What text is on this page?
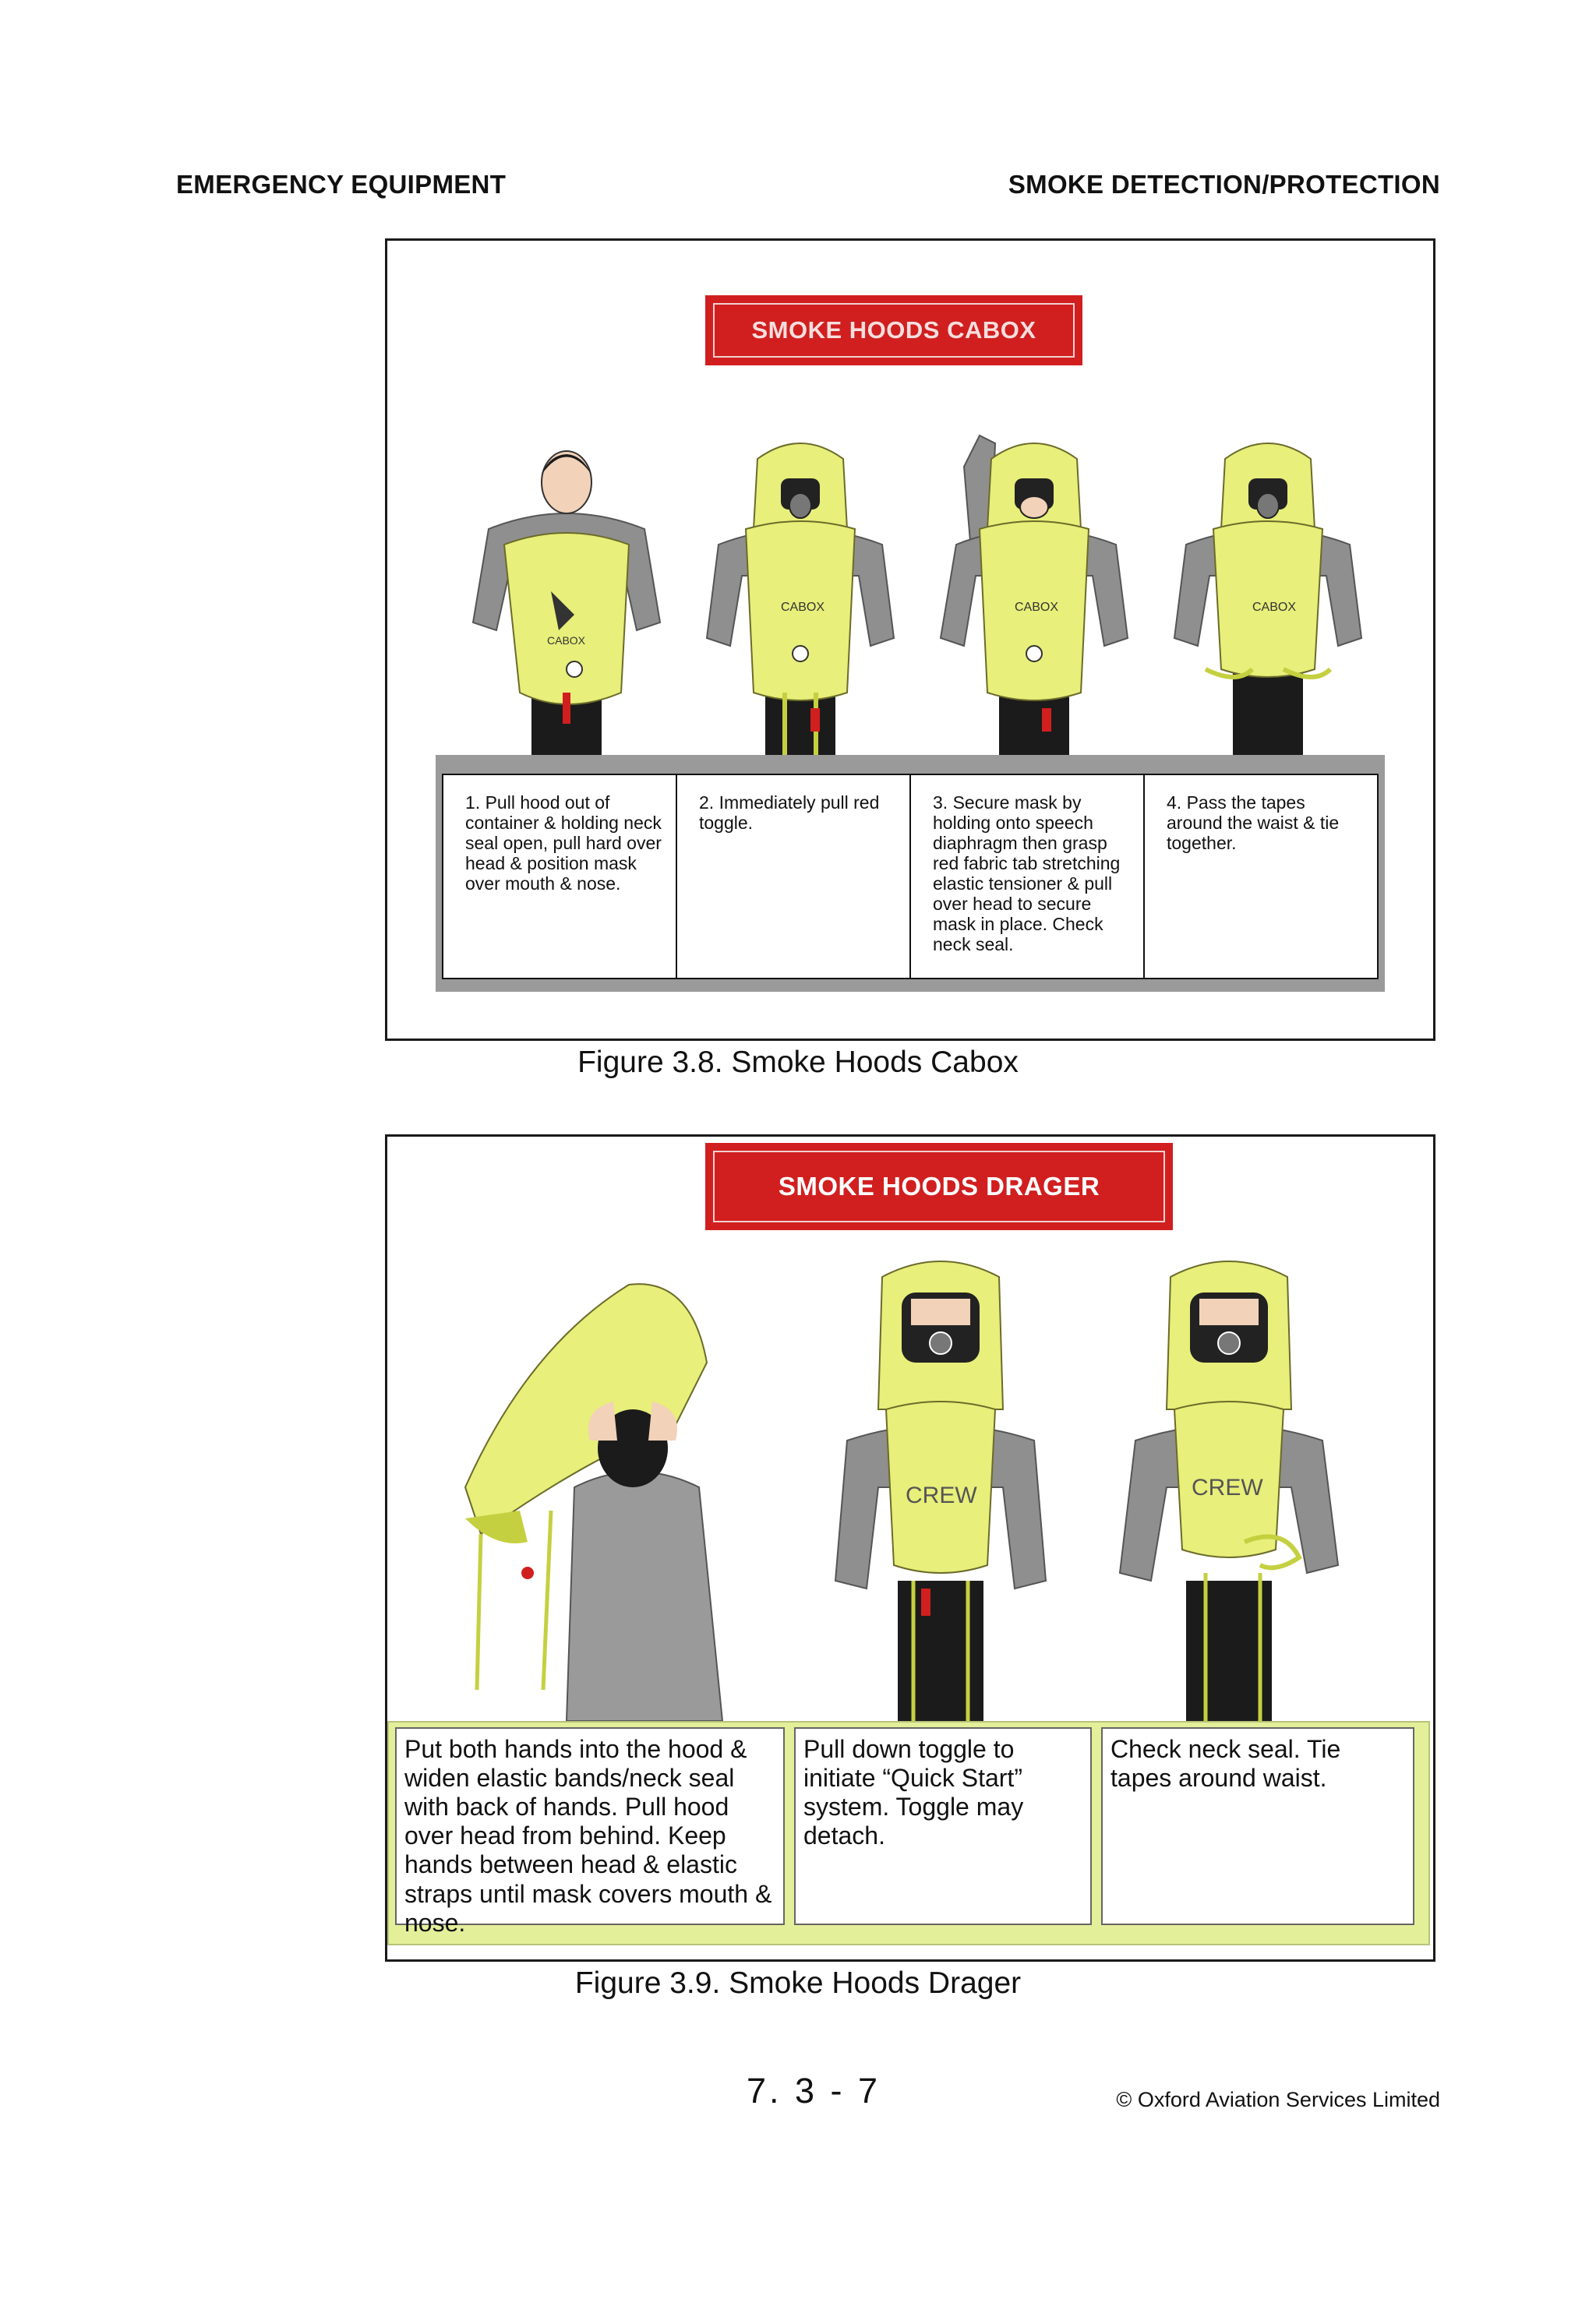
EMERGENCY EQUIPMENT	SMOKE DETECTION/PROTECTION
SMOKE HOODS CABOX
CABOX
CABOX	CABOX	CABOX
1. Pull hood out of container & holding neck seal open, pull hard over head & position mask over mouth & nose.
2. Immediately pull red toggle.
3. Secure mask by holding onto speech diaphragm then grasp red fabric tab stretching elastic tensioner & pull over head to secure mask in place. Check neck seal.
4. Pass the tapes around the waist & tie together.
Figure 3.8. Smoke Hoods Cabox
SMOKE HOODS DRAGER
CREW	CREW
Put both hands into the hood & widen elastic bands/neck seal with back of hands. Pull hood over head from behind. Keep hands between head & elastic straps until mask covers mouth & nose.
Pull down toggle to initiate “Quick Start” system. Toggle may detach.
Check neck seal. Tie tapes around waist.
Figure 3.9. Smoke Hoods Drager
7. 3 - 7	© Oxford Aviation Services Limited
